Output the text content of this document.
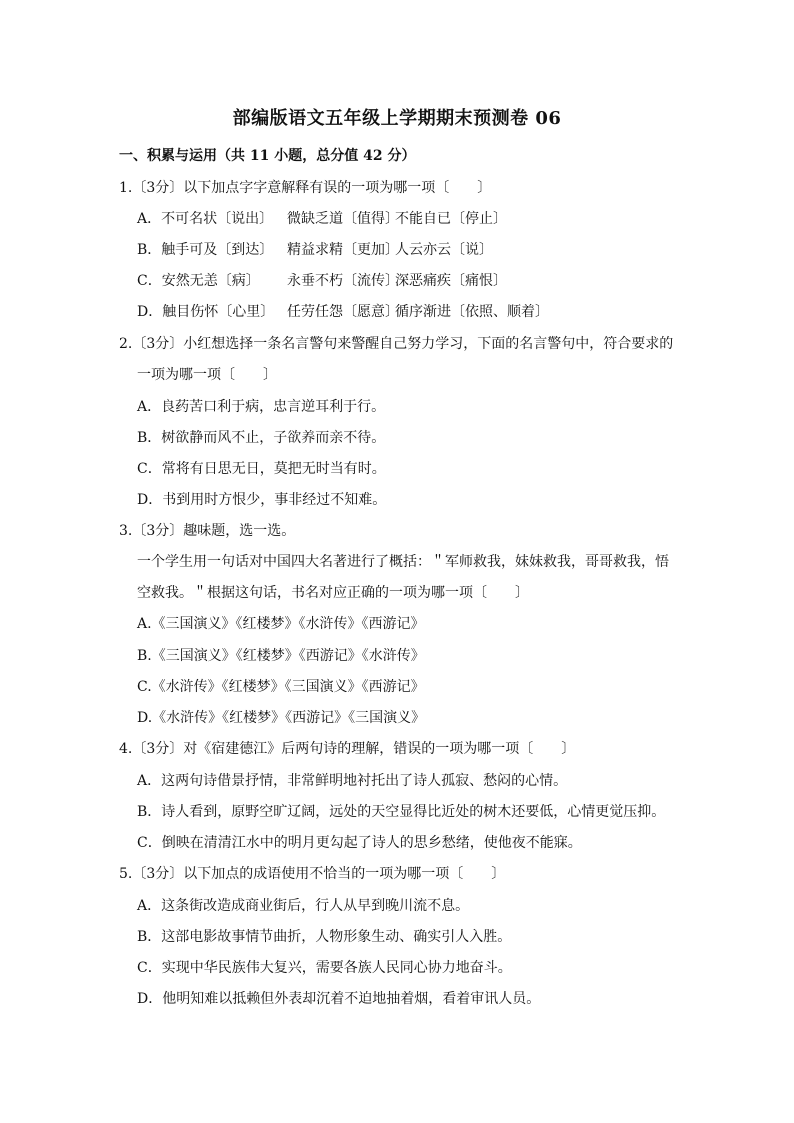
部编版语文五年级上学期期末预测卷 06
一、积累与运用（共 11 小题，总分值 42 分）
1.〔3分〕以下加点字字意解释有误的一项为哪一项〔　　〕
A．不可名状〔说出〕 微缺乏道〔值得〕不能自已〔停止〕
B．触手可及〔到达〕 精益求精〔更加〕人云亦云〔说〕
C．安然无恙〔病〕 永垂不朽〔流传〕深恶痛疾〔痛恨〕
D．触目伤怀〔心里〕 任劳任怨〔愿意〕循序渐进〔依照、顺着〕
2.〔3分〕小红想选择一条名言警句来警醒自己努力学习，下面的名言警句中，符合要求的
一项为哪一项〔　　〕
A．良药苦口利于病，忠言逆耳利于行。
B．树欲静而风不止，子欲养而亲不待。
C．常将有日思无日，莫把无时当有时。
D．书到用时方恨少，事非经过不知难。
3.〔3分〕趣味题，选一选。
一个学生用一句话对中国四大名著进行了概括：＂军师救我，妹妹救我，哥哥救我，悟
空救我。＂根据这句话，书名对应正确的一项为哪一项〔　　〕
A.《三国演义》《红楼梦》《水浒传》《西游记》
B.《三国演义》《红楼梦》《西游记》《水浒传》
C.《水浒传》《红楼梦》《三国演义》《西游记》
D.《水浒传》《红楼梦》《西游记》《三国演义》
4.〔3分〕对《宿建德江》后两句诗的理解，错误的一项为哪一项〔　　〕
A．这两句诗借景抒情，非常鲜明地衬托出了诗人孤寂、愁闷的心情。
B．诗人看到，原野空旷辽阔，远处的天空显得比近处的树木还要低，心情更觉压抑。
C．倒映在清清江水中的明月更勾起了诗人的思乡愁绪，使他夜不能寐。
5.〔3分〕以下加点的成语使用不恰当的一项为哪一项〔　　〕
A．这条街改造成商业街后，行人从早到晚川流不息。
B．这部电影故事情节曲折，人物形象生动、确实引人入胜。
C．实现中华民族伟大复兴，需要各族人民同心协力地奋斗。
D．他明知难以抵赖但外表却沉着不迫地抽着烟，看着审讯人员。
